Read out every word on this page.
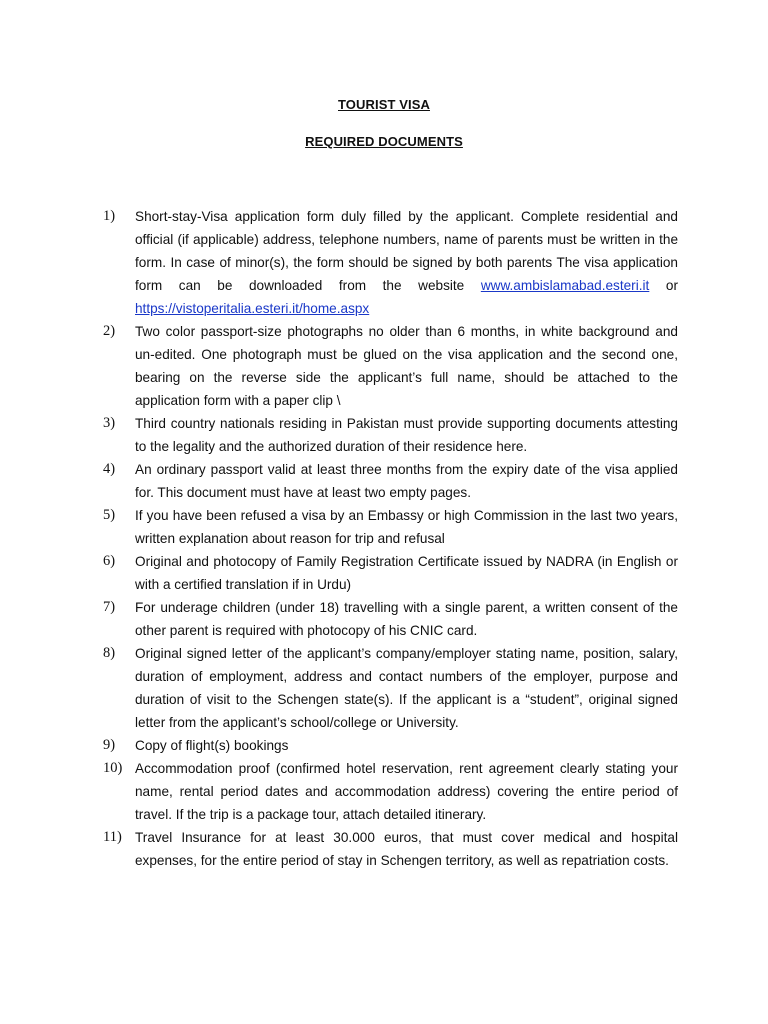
TOURIST VISA
REQUIRED DOCUMENTS
1)	Short-stay-Visa application form duly filled by the applicant. Complete residential and official (if applicable) address, telephone numbers, name of parents must be written in the form. In case of minor(s), the form should be signed by both parents The visa application form can be downloaded from the website www.ambislamabad.esteri.it or https://vistoperitalia.esteri.it/home.aspx
2)	Two color passport-size photographs no older than 6 months, in white background and un-edited. One photograph must be glued on the visa application and the second one, bearing on the reverse side the applicant’s full name, should be attached to the application form with a paper clip \
3)	Third country nationals residing in Pakistan must provide supporting documents attesting to the legality and the authorized duration of their residence here.
4)	An ordinary passport valid at least three months from the expiry date of the visa applied for. This document must have at least two empty pages.
5)	If you have been refused a visa by an Embassy or high Commission in the last two years, written explanation about reason for trip and refusal
6)	Original and photocopy of Family Registration Certificate issued by NADRA (in English or with a certified translation if in Urdu)
7)	For underage children (under 18) travelling with a single parent, a written consent of the other parent is required with photocopy of his CNIC card.
8)	Original signed letter of the applicant’s company/employer stating name, position, salary, duration of employment, address and contact numbers of the employer, purpose and duration of visit to the Schengen state(s). If the applicant is a “student”, original signed letter from the applicant’s school/college or University.
9)	Copy of flight(s) bookings
10) Accommodation proof (confirmed hotel reservation, rent agreement clearly stating your name, rental period dates and accommodation address) covering the entire period of travel. If the trip is a package tour, attach detailed itinerary.
11) Travel Insurance for at least 30.000 euros, that must cover medical and hospital expenses, for the entire period of stay in Schengen territory, as well as repatriation costs.
